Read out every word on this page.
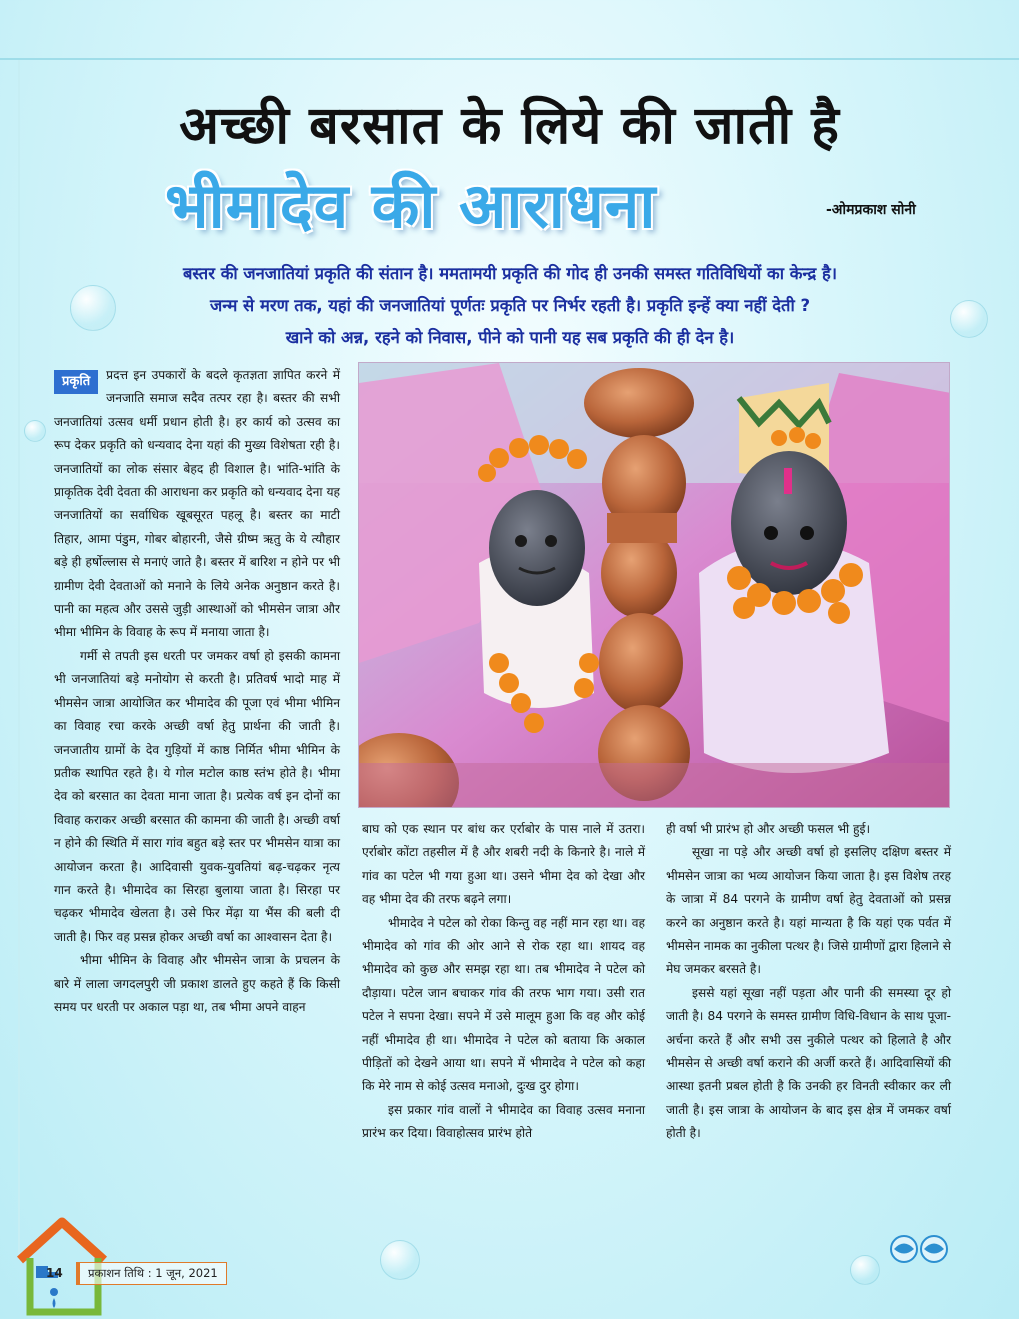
अच्छी बरसात के लिये की जाती है
भीमादेव की आराधना	-ओमप्रकाश सोनी
बस्तर की जनजातियां प्रकृति की संतान है। ममतामयी प्रकृति की गोद ही उनकी समस्त गतिविधियों का केन्द्र है।
जन्म से मरण तक, यहां की जनजातियां पूर्णतः प्रकृति पर निर्भर रहती है। प्रकृति इन्हें क्या नहीं देती ?
खाने को अन्न, रहने को निवास, पीने को पानी यह सब प्रकृति की ही देन है।

प्रकृति	प्रदत्त इन उपकारों के बदले कृतज्ञता ज्ञापित करने में जनजाति समाज सदैव तत्पर रहा है। बस्तर की सभी जनजातियां उत्सव धर्मी प्रधान होती है। हर कार्य को उत्सव का रूप देकर प्रकृति को धन्यवाद देना यहां की मुख्य विशेषता रही है। जनजातियों का लोक संसार बेहद ही विशाल है। भांति-भांति के प्राकृतिक देवी देवता की आराधना कर प्रकृति को धन्यवाद देना यह जनजातियों का सर्वाधिक खूबसूरत पहलू है। बस्तर का माटी तिहार, आमा पंडुम, गोबर बोहारनी, जैसे ग्रीष्म ऋतु के ये त्यौहार बड़े ही हर्षोल्लास से मनाएं जाते है। बस्तर में बारिश न होने पर भी ग्रामीण देवी देवताओं को मनाने के लिये अनेक अनुष्ठान करते है। पानी का महत्व और उससे जुड़ी आस्थाओं को भीमसेन जात्रा और भीमा भीमिन के विवाह के रूप में मनाया जाता है।

गर्मी से तपती इस धरती पर जमकर वर्षा हो इसकी कामना भी जनजातियां बड़े मनोयोग से करती है। प्रतिवर्ष भादो माह में भीमसेन जात्रा आयोजित कर भीमादेव की पूजा एवं भीमा भीमिन का विवाह रचा करके अच्छी वर्षा हेतु प्रार्थना की जाती है। जनजातीय ग्रामों के देव गुड़ियों में काष्ठ निर्मित भीमा भीमिन के प्रतीक स्थापित रहते है। ये गोल मटोल काष्ठ स्तंभ होते है। भीमा देव को बरसात का देवता माना जाता है। प्रत्येक वर्ष इन दोनों का विवाह कराकर अच्छी बरसात की कामना की जाती है। अच्छी वर्षा न होने की स्थिति में सारा गांव बहुत बड़े स्तर पर भीमसेन यात्रा का आयोजन करता है। आदिवासी युवक-युवतियां बढ़-चढ़कर नृत्य गान करते है। भीमादेव का सिरहा बुलाया जाता है। सिरहा पर चढ़कर भीमादेव खेलता है। उसे फिर मेंढ़ा या भैंस की बली दी जाती है। फिर वह प्रसन्न होकर अच्छी वर्षा का आश्वासन देता है।

भीमा भीमिन के विवाह और भीमसेन जात्रा के प्रचलन के बारे में लाला जगदलपुरी जी प्रकाश डालते हुए कहते हैं कि किसी समय पर धरती पर अकाल पड़ा था, तब भीमा अपने वाहन

बाघ को एक स्थान पर बांध कर एर्राबोर के पास नाले में उतरा। एर्राबोर कोंटा तहसील में है और शबरी नदी के किनारे है। नाले में गांव का पटेल भी गया हुआ था। उसने भीमा देव को देखा और वह भीमा देव की तरफ बढ़ने लगा।

भीमादेव ने पटेल को रोका किन्तु वह नहीं मान रहा था। वह भीमादेव को गांव की ओर आने से रोक रहा था। शायद वह भीमादेव को कुछ और समझ रहा था। तब भीमादेव ने पटेल को दौड़ाया। पटेल जान बचाकर गांव की तरफ भाग गया। उसी रात पटेल ने सपना देखा। सपने में उसे मालूम हुआ कि वह और कोई नहीं भीमादेव ही था। भीमादेव ने पटेल को बताया कि अकाल पीड़ितों को देखने आया था। सपने में भीमादेव ने पटेल को कहा कि मेरे नाम से कोई उत्सव मनाओ, दुःख दुर होगा।

इस प्रकार गांव वालों ने भीमादेव का विवाह उत्सव मनाना प्रारंभ कर दिया। विवाहोत्सव प्रारंभ होते

ही वर्षा भी प्रारंभ हो और अच्छी फसल भी हुई।

सूखा ना पड़े और अच्छी वर्षा हो इसलिए दक्षिण बस्तर में भीमसेन जात्रा का भव्य आयोजन किया जाता है। इस विशेष तरह के जात्रा में 84 परगने के ग्रामीण वर्षा हेतु देवताओं को प्रसन्न करने का अनुष्ठान करते है। यहां मान्यता है कि यहां एक पर्वत में भीमसेन नामक का नुकीला पत्थर है। जिसे ग्रामीणों द्वारा हिलाने से मेघ जमकर बरसते है।

इससे यहां सूखा नहीं पड़ता और पानी की समस्या दूर हो जाती है। 84 परगने के समस्त ग्रामीण विधि-विधान के साथ पूजा-अर्चना करते हैं और सभी उस नुकीले पत्थर को हिलाते है और भीमसेन से अच्छी वर्षा कराने की अर्जी करते हैं। आदिवासियों की आस्था इतनी प्रबल होती है कि उनकी हर विनती स्वीकार कर ली जाती है। इस जात्रा के आयोजन के बाद इस क्षेत्र में जमकर वर्षा होती है।

14	प्रकाशन तिथि : 1 जून, 2021
